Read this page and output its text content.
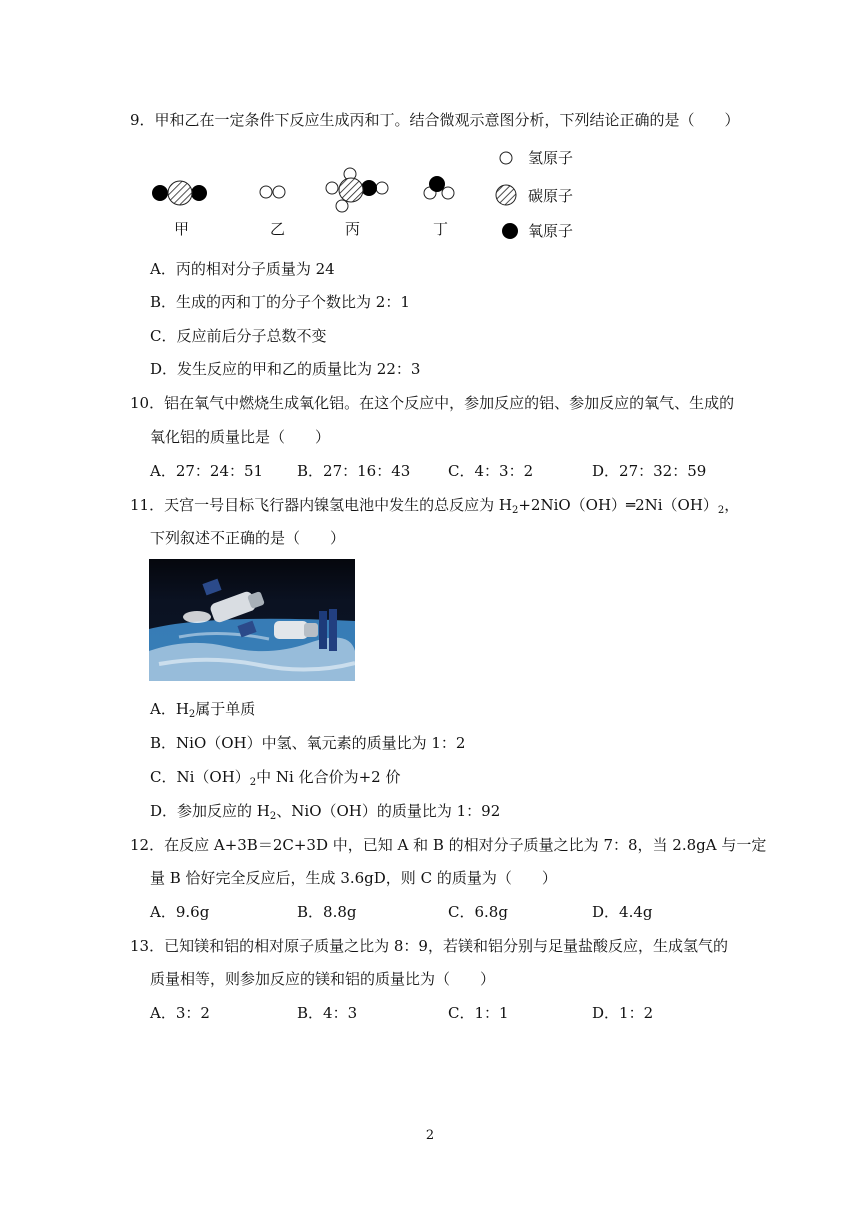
9．甲和乙在一定条件下反应生成丙和丁。结合微观示意图分析，下列结论正确的是（　　）
氢原子
碳原子
氧原子
甲	乙	丙	丁
A．丙的相对分子质量为 24
B．生成的丙和丁的分子个数比为 2：1
C．反应前后分子总数不变
D．发生反应的甲和乙的质量比为 22：3
10．铝在氧气中燃烧生成氧化铝。在这个反应中，参加反应的铝、参加反应的氧气、生成的
氧化铝的质量比是（　　）
A．27：24：51 B．27：16：43	C．4：3：2	D．27：32：59
11．天宫一号目标飞行器内镍氢电池中发生的总反应为 $H_2+2NiO(OH)═2Ni(OH)_2$，
下列叙述不正确的是（　　）
A．$H_2$属于单质
B．NiO（OH）中氢、氧元素的质量比为 1：2
C．$Ni(OH)_2$中 Ni 化合价为+2 价
D．参加反应的 $H_2$、NiO（OH）的质量比为 1：92
12．在反应 A+3B＝2C+3D 中，已知 A 和 B 的相对分子质量之比为 7：8，当 2.8gA 与一定
量 B 恰好完全反应后，生成 3.6gD，则 C 的质量为（　　）
A．9.6g	B．8.8g	C．6.8g	D．4.4g
13．已知镁和铝的相对原子质量之比为 8：9，若镁和铝分别与足量盐酸反应，生成氢气的
质量相等，则参加反应的镁和铝的质量比为（　　）
A．3：2	B．4：3	C．1：1	D．1：2
2
